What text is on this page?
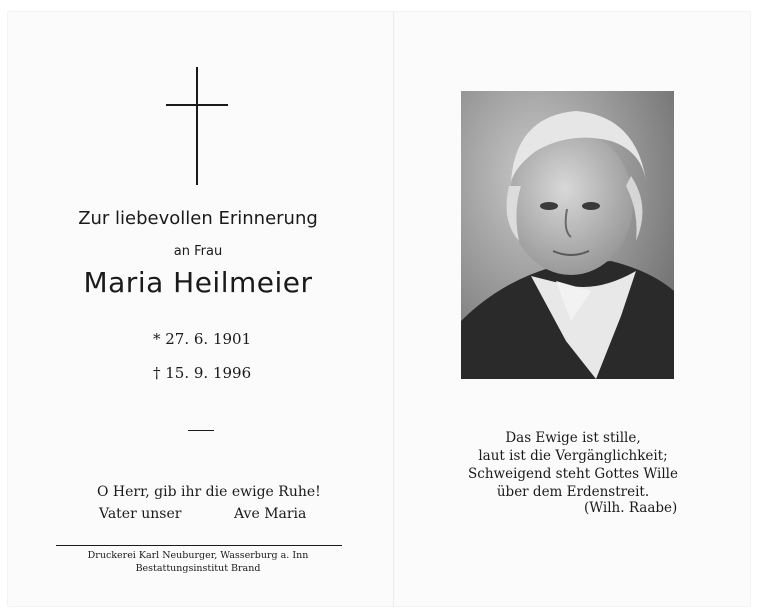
Zur liebevollen Erinnerung
an Frau
Maria Heilmeier
* 27. 6. 1901
† 15. 9. 1996
O Herr, gib ihr die ewige Ruhe!
Vater unser	Ave Maria
Druckerei Karl Neuburger, Wasserburg a. Inn
Bestattungsinstitut Brand
Das Ewige ist stille,
laut ist die Vergänglichkeit;
Schweigend steht Gottes Wille
über dem Erdenstreit.
(Wilh. Raabe)
